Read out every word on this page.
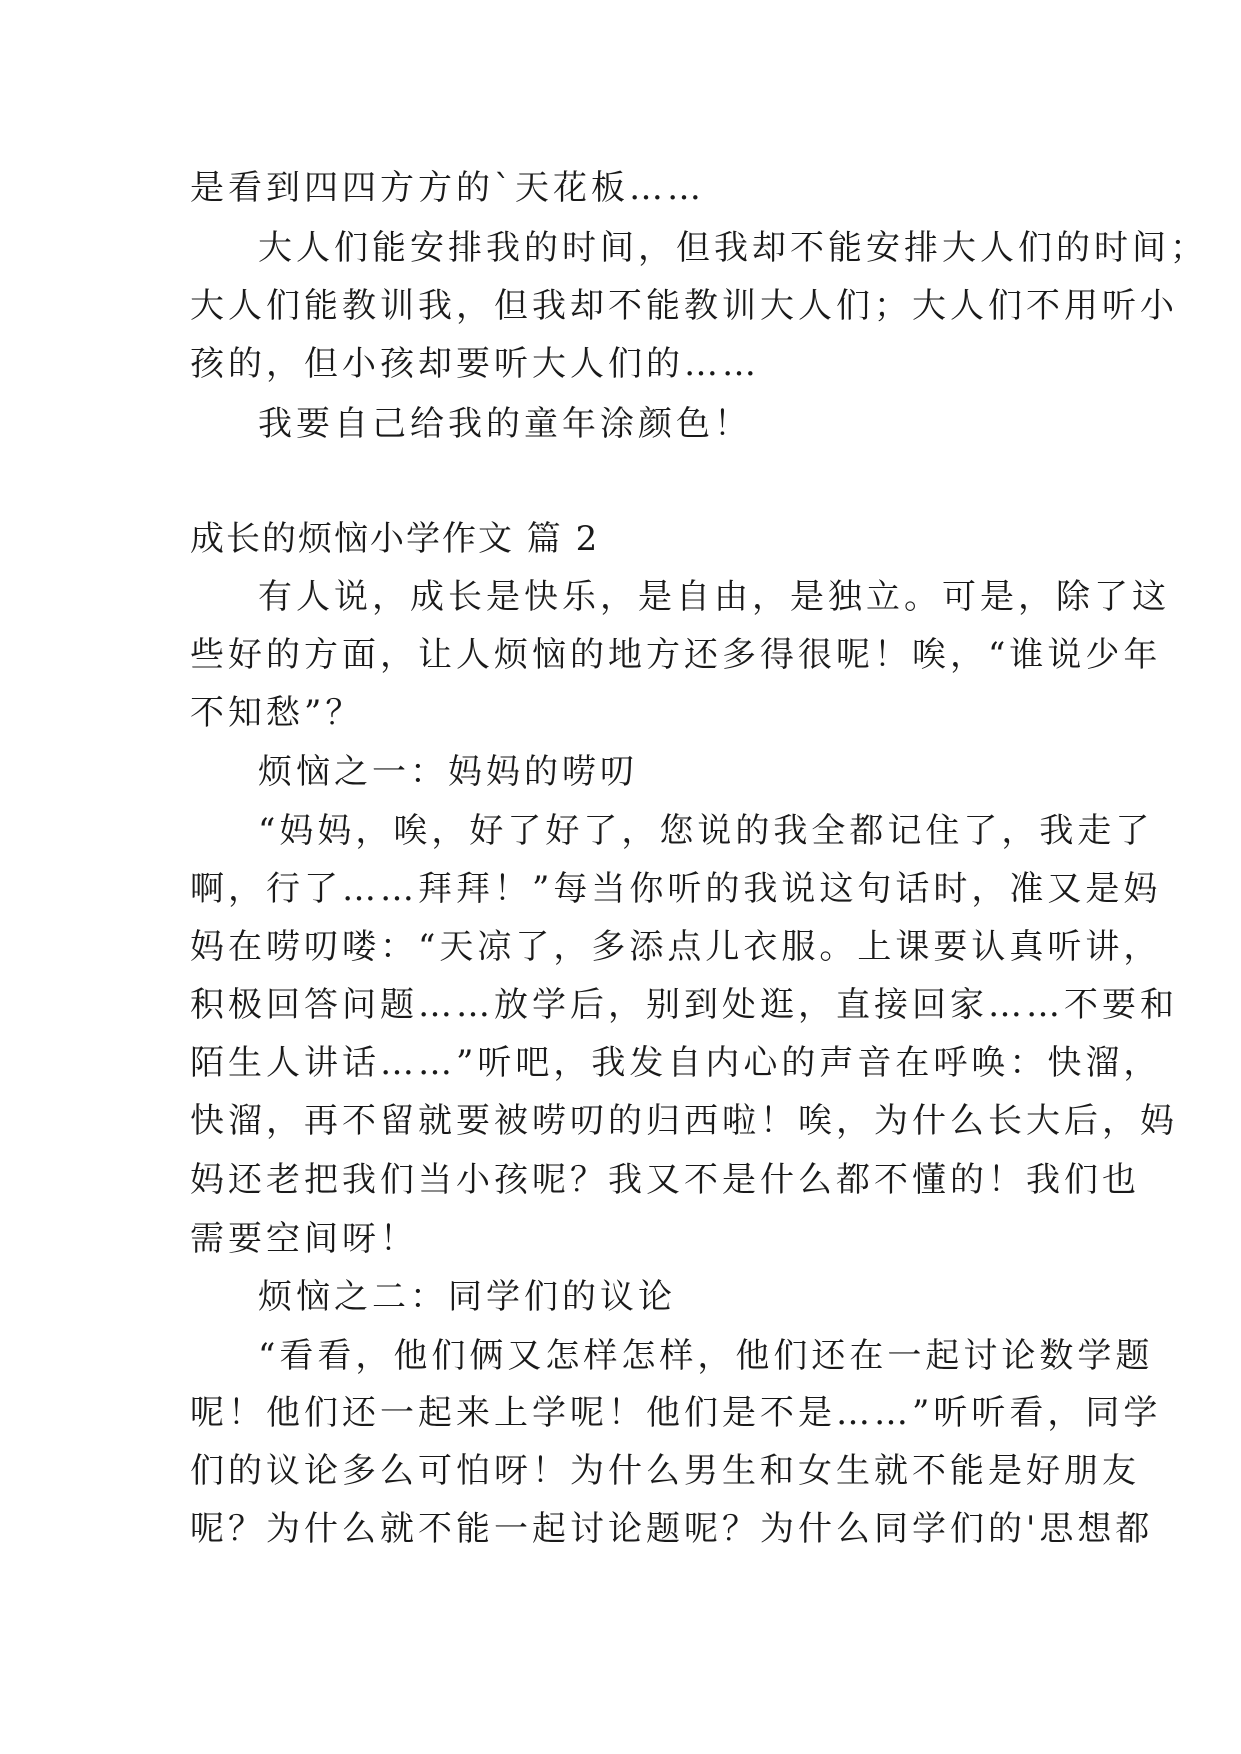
是看到四四方方的`天花板……
大人们能安排我的时间，但我却不能安排大人们的时间；
大人们能教训我，但我却不能教训大人们；大人们不用听小
孩的，但小孩却要听大人们的……
我要自己给我的童年涂颜色！
成长的烦恼小学作文 篇 2
有人说，成长是快乐，是自由，是独立。可是，除了这
些好的方面，让人烦恼的地方还多得很呢！唉，“谁说少年
不知愁”？
烦恼之一：妈妈的唠叨
“妈妈，唉，好了好了，您说的我全都记住了，我走了
啊，行了……拜拜！”每当你听的我说这句话时，准又是妈
妈在唠叨喽：“天凉了，多添点儿衣服。上课要认真听讲，
积极回答问题……放学后，别到处逛，直接回家……不要和
陌生人讲话……”听吧，我发自内心的声音在呼唤：快溜，
快溜，再不留就要被唠叨的归西啦！唉，为什么长大后，妈
妈还老把我们当小孩呢？我又不是什么都不懂的！我们也
需要空间呀！
烦恼之二：同学们的议论
“看看，他们俩又怎样怎样，他们还在一起讨论数学题
呢！他们还一起来上学呢！他们是不是……”听听看，同学
们的议论多么可怕呀！为什么男生和女生就不能是好朋友
呢？为什么就不能一起讨论题呢？为什么同学们的'思想都
